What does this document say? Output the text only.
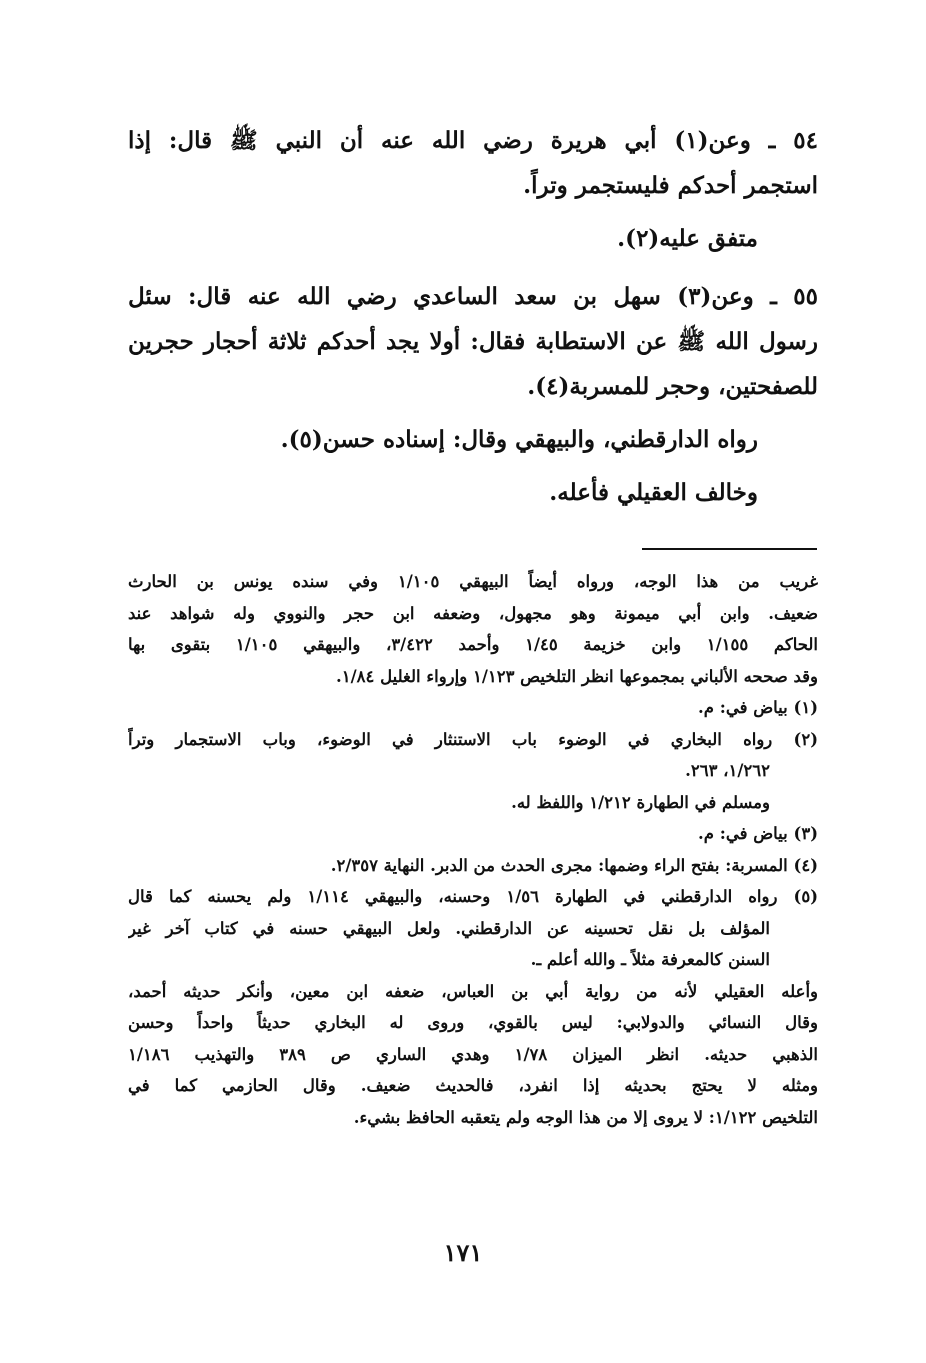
٥٤ ـ وعن(١) أبي هريرة رضي الله عنه أن النبي ﷺ قال: إذا
استجمر أحدكم فليستجمر وتراً.
متفق عليه(٢).
٥٥ ـ وعن(٣) سهل بن سعد الساعدي رضي الله عنه قال: سئل
رسول الله ﷺ عن الاستطابة فقال: أولا يجد أحدكم ثلاثة أحجار حجرين
للصفحتين، وحجر للمسربة(٤).
رواه الدارقطني، والبيهقي وقال: إسناده حسن(٥).
وخالف العقيلي فأعله.
غريب من هذا الوجه، ورواه أيضاً البيهقي ١/١٠٥ وفي سنده يونس بن الحارث
ضعيف. وابن أبي ميمونة وهو مجهول، وضعفه ابن حجر والنووي وله شواهد عند
الحاكم ١/١٥٥ وابن خزيمة ١/٤٥ وأحمد ٣/٤٢٢، والبيهقي ١/١٠٥ بتقوى بها
وقد صححه الألباني بمجموعها انظر التلخيص ١/١٢٣ وإرواء الغليل ١/٨٤.
(١) بياض في: م.
(٢) رواه البخاري في الوضوء باب الاستنثار في الوضوء، وباب الاستجمار وتراً
١/٢٦٢، ٢٦٣.
ومسلم في الطهارة ١/٢١٢ واللفظ له.
(٣) بياض في: م.
(٤) المسربة: بفتح الراء وضمها: مجرى الحدث من الدبر. النهاية ٢/٣٥٧.
(٥) رواه الدارقطني في الطهارة ١/٥٦ وحسنه، والبيهقي ١/١١٤ ولم يحسنه كما قال
المؤلف بل نقل تحسينه عن الدارقطني. ولعل البيهقي حسنه في كتاب آخر غير
السنن كالمعرفة مثلاً ـ والله أعلم ـ.
وأعله العقيلي لأنه من رواية أبي بن العباس، ضعفه ابن معين، وأنكر حديثه أحمد،
وقال النسائي والدولابي: ليس بالقوي، وروى له البخاري حديثاً واحداً وحسن
الذهبي حديثه. انظر الميزان ١/٧٨ وهدي الساري ص ٣٨٩ والتهذيب ١/١٨٦
ومثله لا يحتج بحديثه إذا انفرد، فالحديث ضعيف. وقال الحازمي كما في
التلخيص ١/١٢٢: لا يروى إلا من هذا الوجه ولم يتعقبه الحافظ بشيء.
١٧١
